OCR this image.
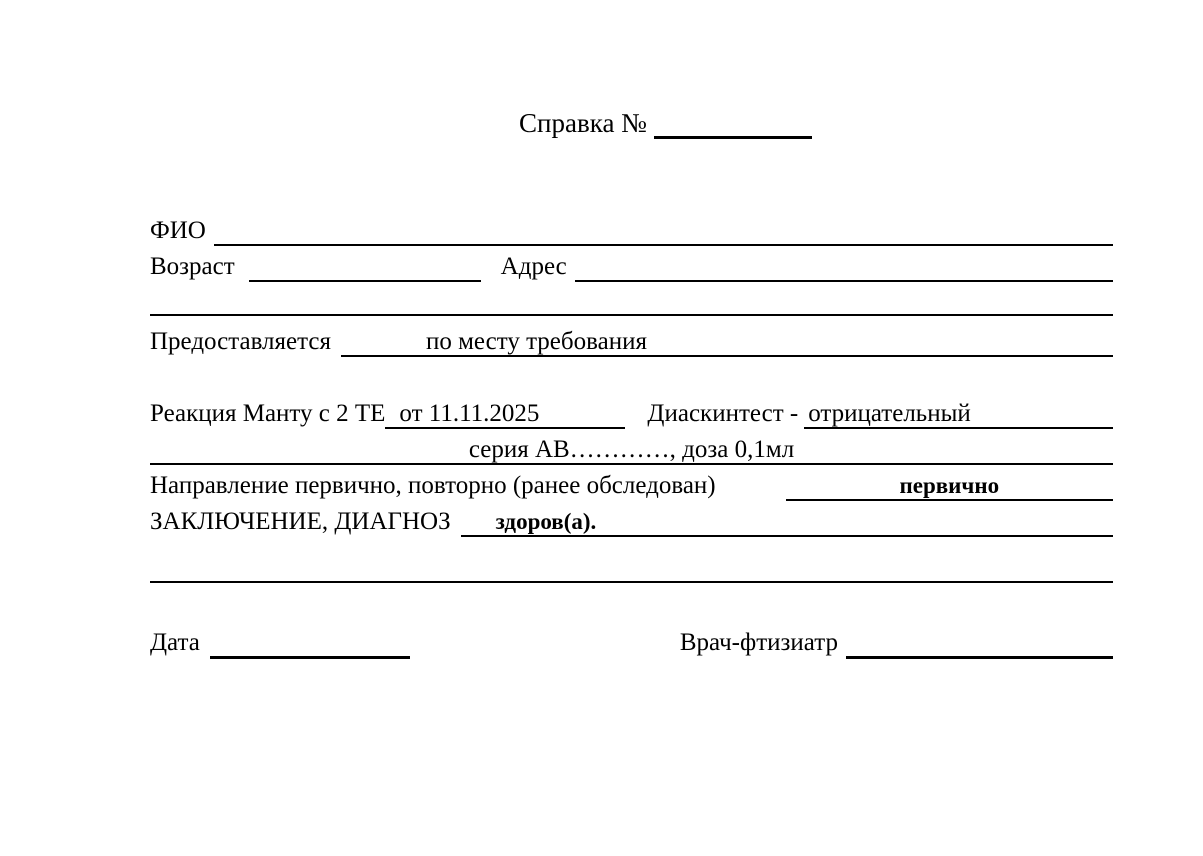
Справка №
ФИО
Возраст	Адрес
Предоставляется	по месту требования
Реакция Манту с 2 ТЕ от 11.11.2025	Диаскинтест - отрицательный
серия АВ…………, доза 0,1мл
Направление первично, повторно (ранее обследован)	первично
ЗАКЛЮЧЕНИЕ, ДИАГНОЗ	здоров(а).
Дата	Врач-фтизиатр
